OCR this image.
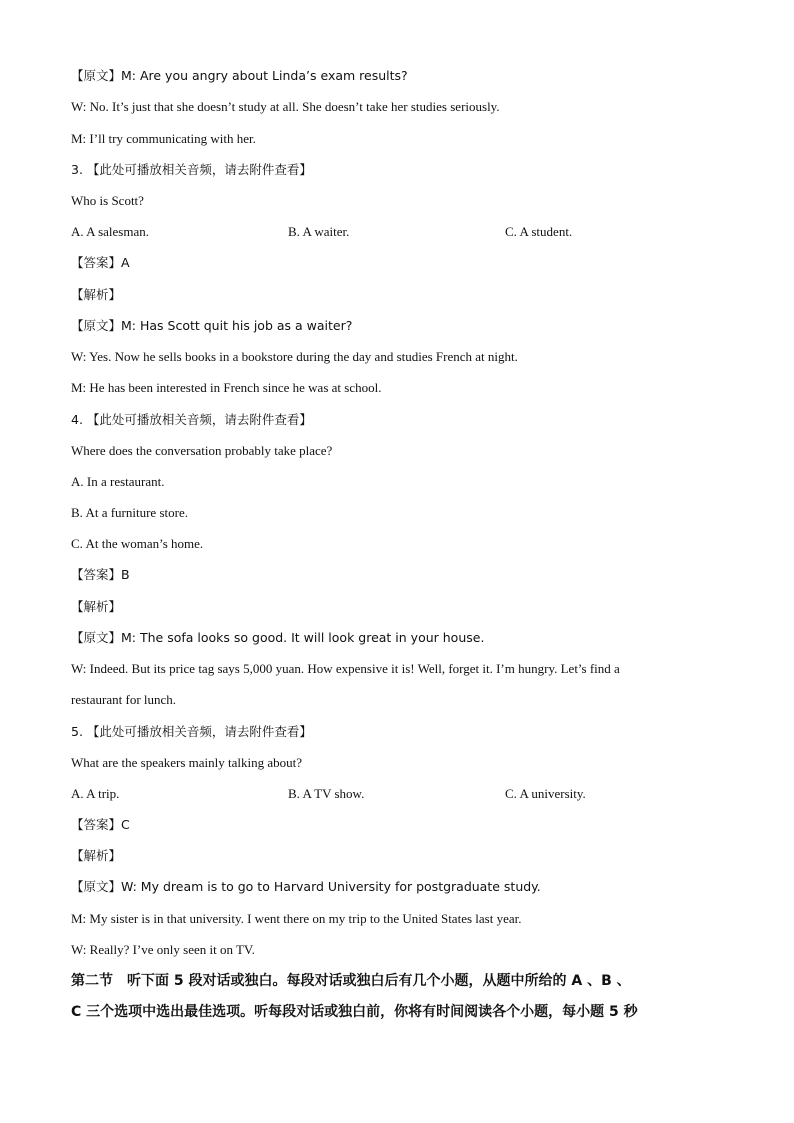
【原文】M: Are you angry about Linda’s exam results?
W: No. It’s just that she doesn’t study at all. She doesn’t take her studies seriously.
M: I’ll try communicating with her.
3. 【此处可播放相关音频，请去附件查看】
Who is Scott?
A. A salesman.	B. A waiter.	C. A student.
【答案】A
【解析】
【原文】M: Has Scott quit his job as a waiter?
W: Yes. Now he sells books in a bookstore during the day and studies French at night.
M: He has been interested in French since he was at school.
4. 【此处可播放相关音频，请去附件查看】
Where does the conversation probably take place?
A. In a restaurant.
B. At a furniture store.
C. At the woman’s home.
【答案】B
【解析】
【原文】M: The sofa looks so good. It will look great in your house.
W: Indeed. But its price tag says 5,000 yuan. How expensive it is! Well, forget it. I’m hungry. Let’s find a
restaurant for lunch.
5. 【此处可播放相关音频，请去附件查看】
What are the speakers mainly talking about?
A. A trip.	B. A TV show.	C. A university.
【答案】C
【解析】
【原文】W: My dream is to go to Harvard University for postgraduate study.
M: My sister is in that university. I went there on my trip to the United States last year.
W: Really? I’ve only seen it on TV.
第二节　听下面 5 段对话或独白。每段对话或独白后有几个小题，从题中所给的 A 、B 、
C 三个选项中选出最佳选项。听每段对话或独白前，你将有时间阅读各个小题，每小题 5 秒
